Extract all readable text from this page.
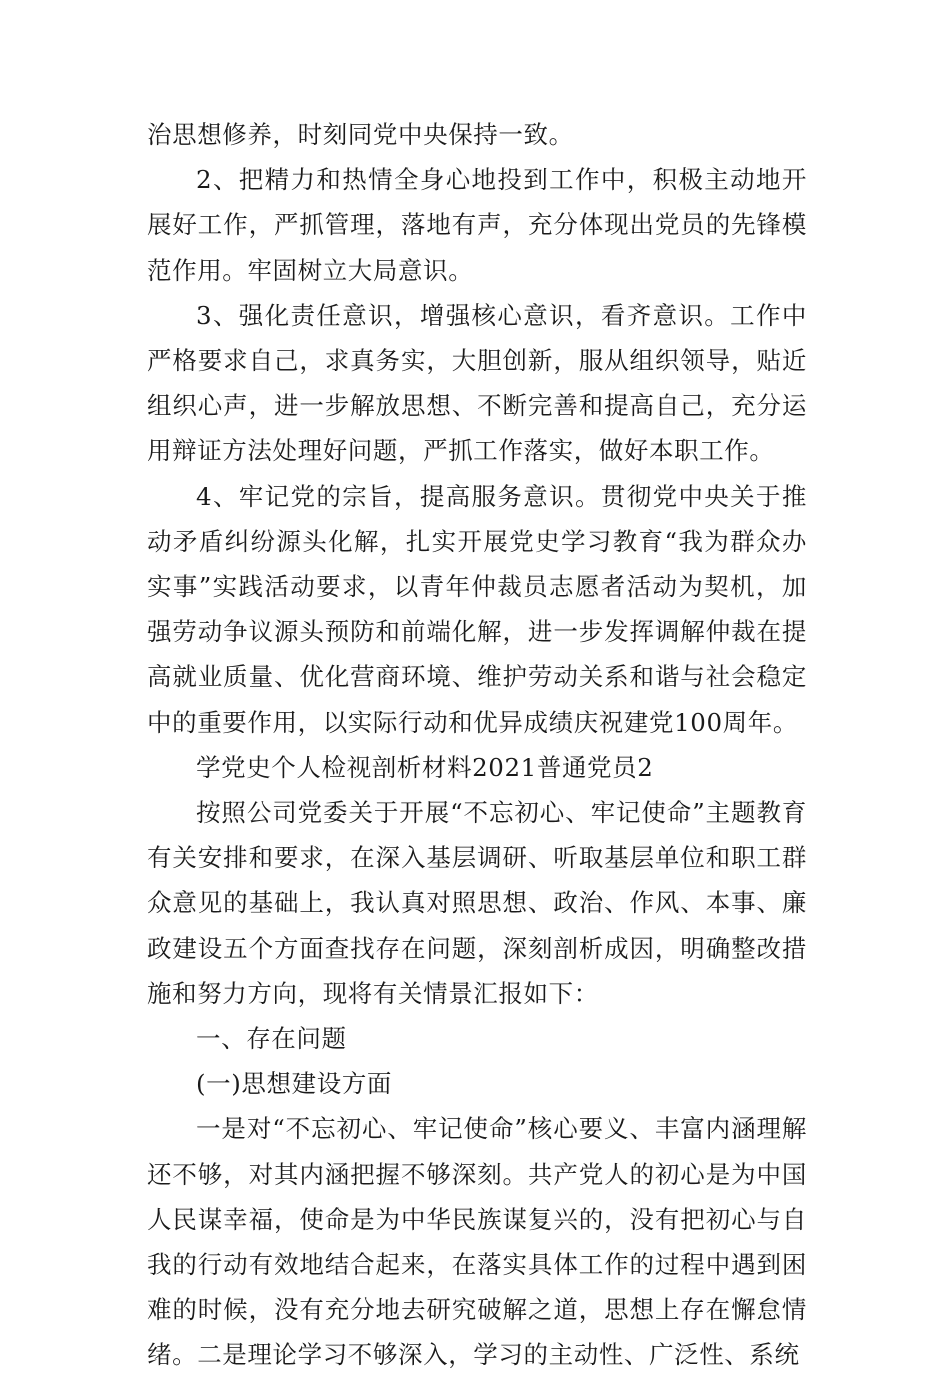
治思想修养，时刻同党中央保持一致。

2、把精力和热情全身心地投到工作中，积极主动地开展好工作，严抓管理，落地有声，充分体现出党员的先锋模范作用。牢固树立大局意识。

3、强化责任意识，增强核心意识，看齐意识。工作中严格要求自己，求真务实，大胆创新，服从组织领导，贴近组织心声，进一步解放思想、不断完善和提高自己，充分运用辩证方法处理好问题，严抓工作落实，做好本职工作。

4、牢记党的宗旨，提高服务意识。贯彻党中央关于推动矛盾纠纷源头化解，扎实开展党史学习教育“我为群众办实事”实践活动要求，以青年仲裁员志愿者活动为契机，加强劳动争议源头预防和前端化解，进一步发挥调解仲裁在提高就业质量、优化营商环境、维护劳动关系和谐与社会稳定中的重要作用，以实际行动和优异成绩庆祝建党100周年。

学党史个人检视剖析材料2021普通党员2

按照公司党委关于开展“不忘初心、牢记使命”主题教育有关安排和要求，在深入基层调研、听取基层单位和职工群众意见的基础上，我认真对照思想、政治、作风、本事、廉政建设五个方面查找存在问题，深刻剖析成因，明确整改措施和努力方向，现将有关情景汇报如下：

一、存在问题

(一)思想建设方面

一是对“不忘初心、牢记使命”核心要义、丰富内涵理解还不够，对其内涵把握不够深刻。共产党人的初心是为中国人民谋幸福，使命是为中华民族谋复兴的，没有把初心与自我的行动有效地结合起来，在落实具体工作的过程中遇到困难的时候，没有充分地去研究破解之道，思想上存在懈怠情绪。二是理论学习不够深入，学习的主动性、广泛性、系统
